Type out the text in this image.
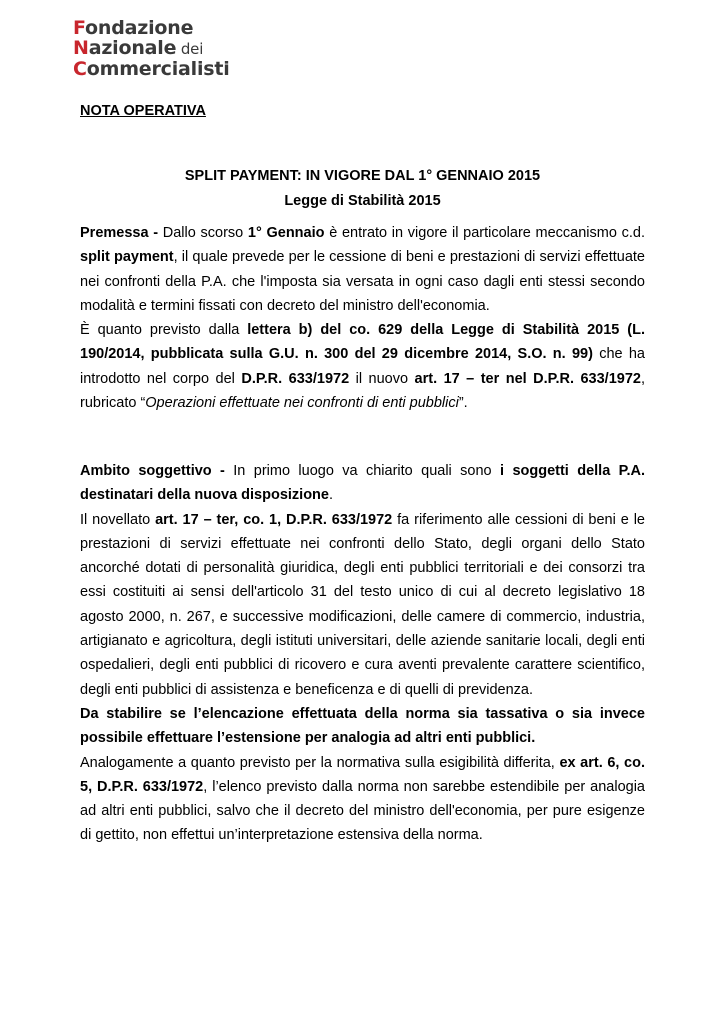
Fondazione
Nazionale dei
Commercialisti
NOTA OPERATIVA
SPLIT PAYMENT: IN VIGORE DAL 1° GENNAIO 2015
Legge di Stabilità 2015

Premessa - Dallo scorso 1° Gennaio è entrato in vigore il particolare meccanismo c.d. split payment, il quale prevede per le cessione di beni e prestazioni di servizi effettuate nei confronti della P.A. che l'imposta sia versata in ogni caso dagli enti stessi secondo modalità e termini fissati con decreto del ministro dell'economia.

È quanto previsto dalla lettera b) del co. 629 della Legge di Stabilità 2015 (L. 190/2014, pubblicata sulla G.U. n. 300 del 29 dicembre 2014, S.O. n. 99) che ha introdotto nel corpo del D.P.R. 633/1972 il nuovo art. 17 – ter nel D.P.R. 633/1972, rubricato “Operazioni effettuate nei confronti di enti pubblici”.

Ambito soggettivo - In primo luogo va chiarito quali sono i soggetti della P.A. destinatari della nuova disposizione.

Il novellato art. 17 – ter, co. 1, D.P.R. 633/1972 fa riferimento alle cessioni di beni e le prestazioni di servizi effettuate nei confronti dello Stato, degli organi dello Stato ancorché dotati di personalità giuridica, degli enti pubblici territoriali e dei consorzi tra essi costituiti ai sensi dell'articolo 31 del testo unico di cui al decreto legislativo 18 agosto 2000, n. 267, e successive modificazioni, delle camere di commercio, industria, artigianato e agricoltura, degli istituti universitari, delle aziende sanitarie locali, degli enti ospedalieri, degli enti pubblici di ricovero e cura aventi prevalente carattere scientifico, degli enti pubblici di assistenza e beneficenza e di quelli di previdenza.

Da stabilire se l’elencazione effettuata della norma sia tassativa o sia invece possibile effettuare l’estensione per analogia ad altri enti pubblici.

Analogamente a quanto previsto per la normativa sulla esigibilità differita, ex art. 6, co. 5, D.P.R. 633/1972, l’elenco previsto dalla norma non sarebbe estendibile per analogia ad altri enti pubblici, salvo che il decreto del ministro dell'economia, per pure esigenze di gettito, non effettui un’interpretazione estensiva della norma.
